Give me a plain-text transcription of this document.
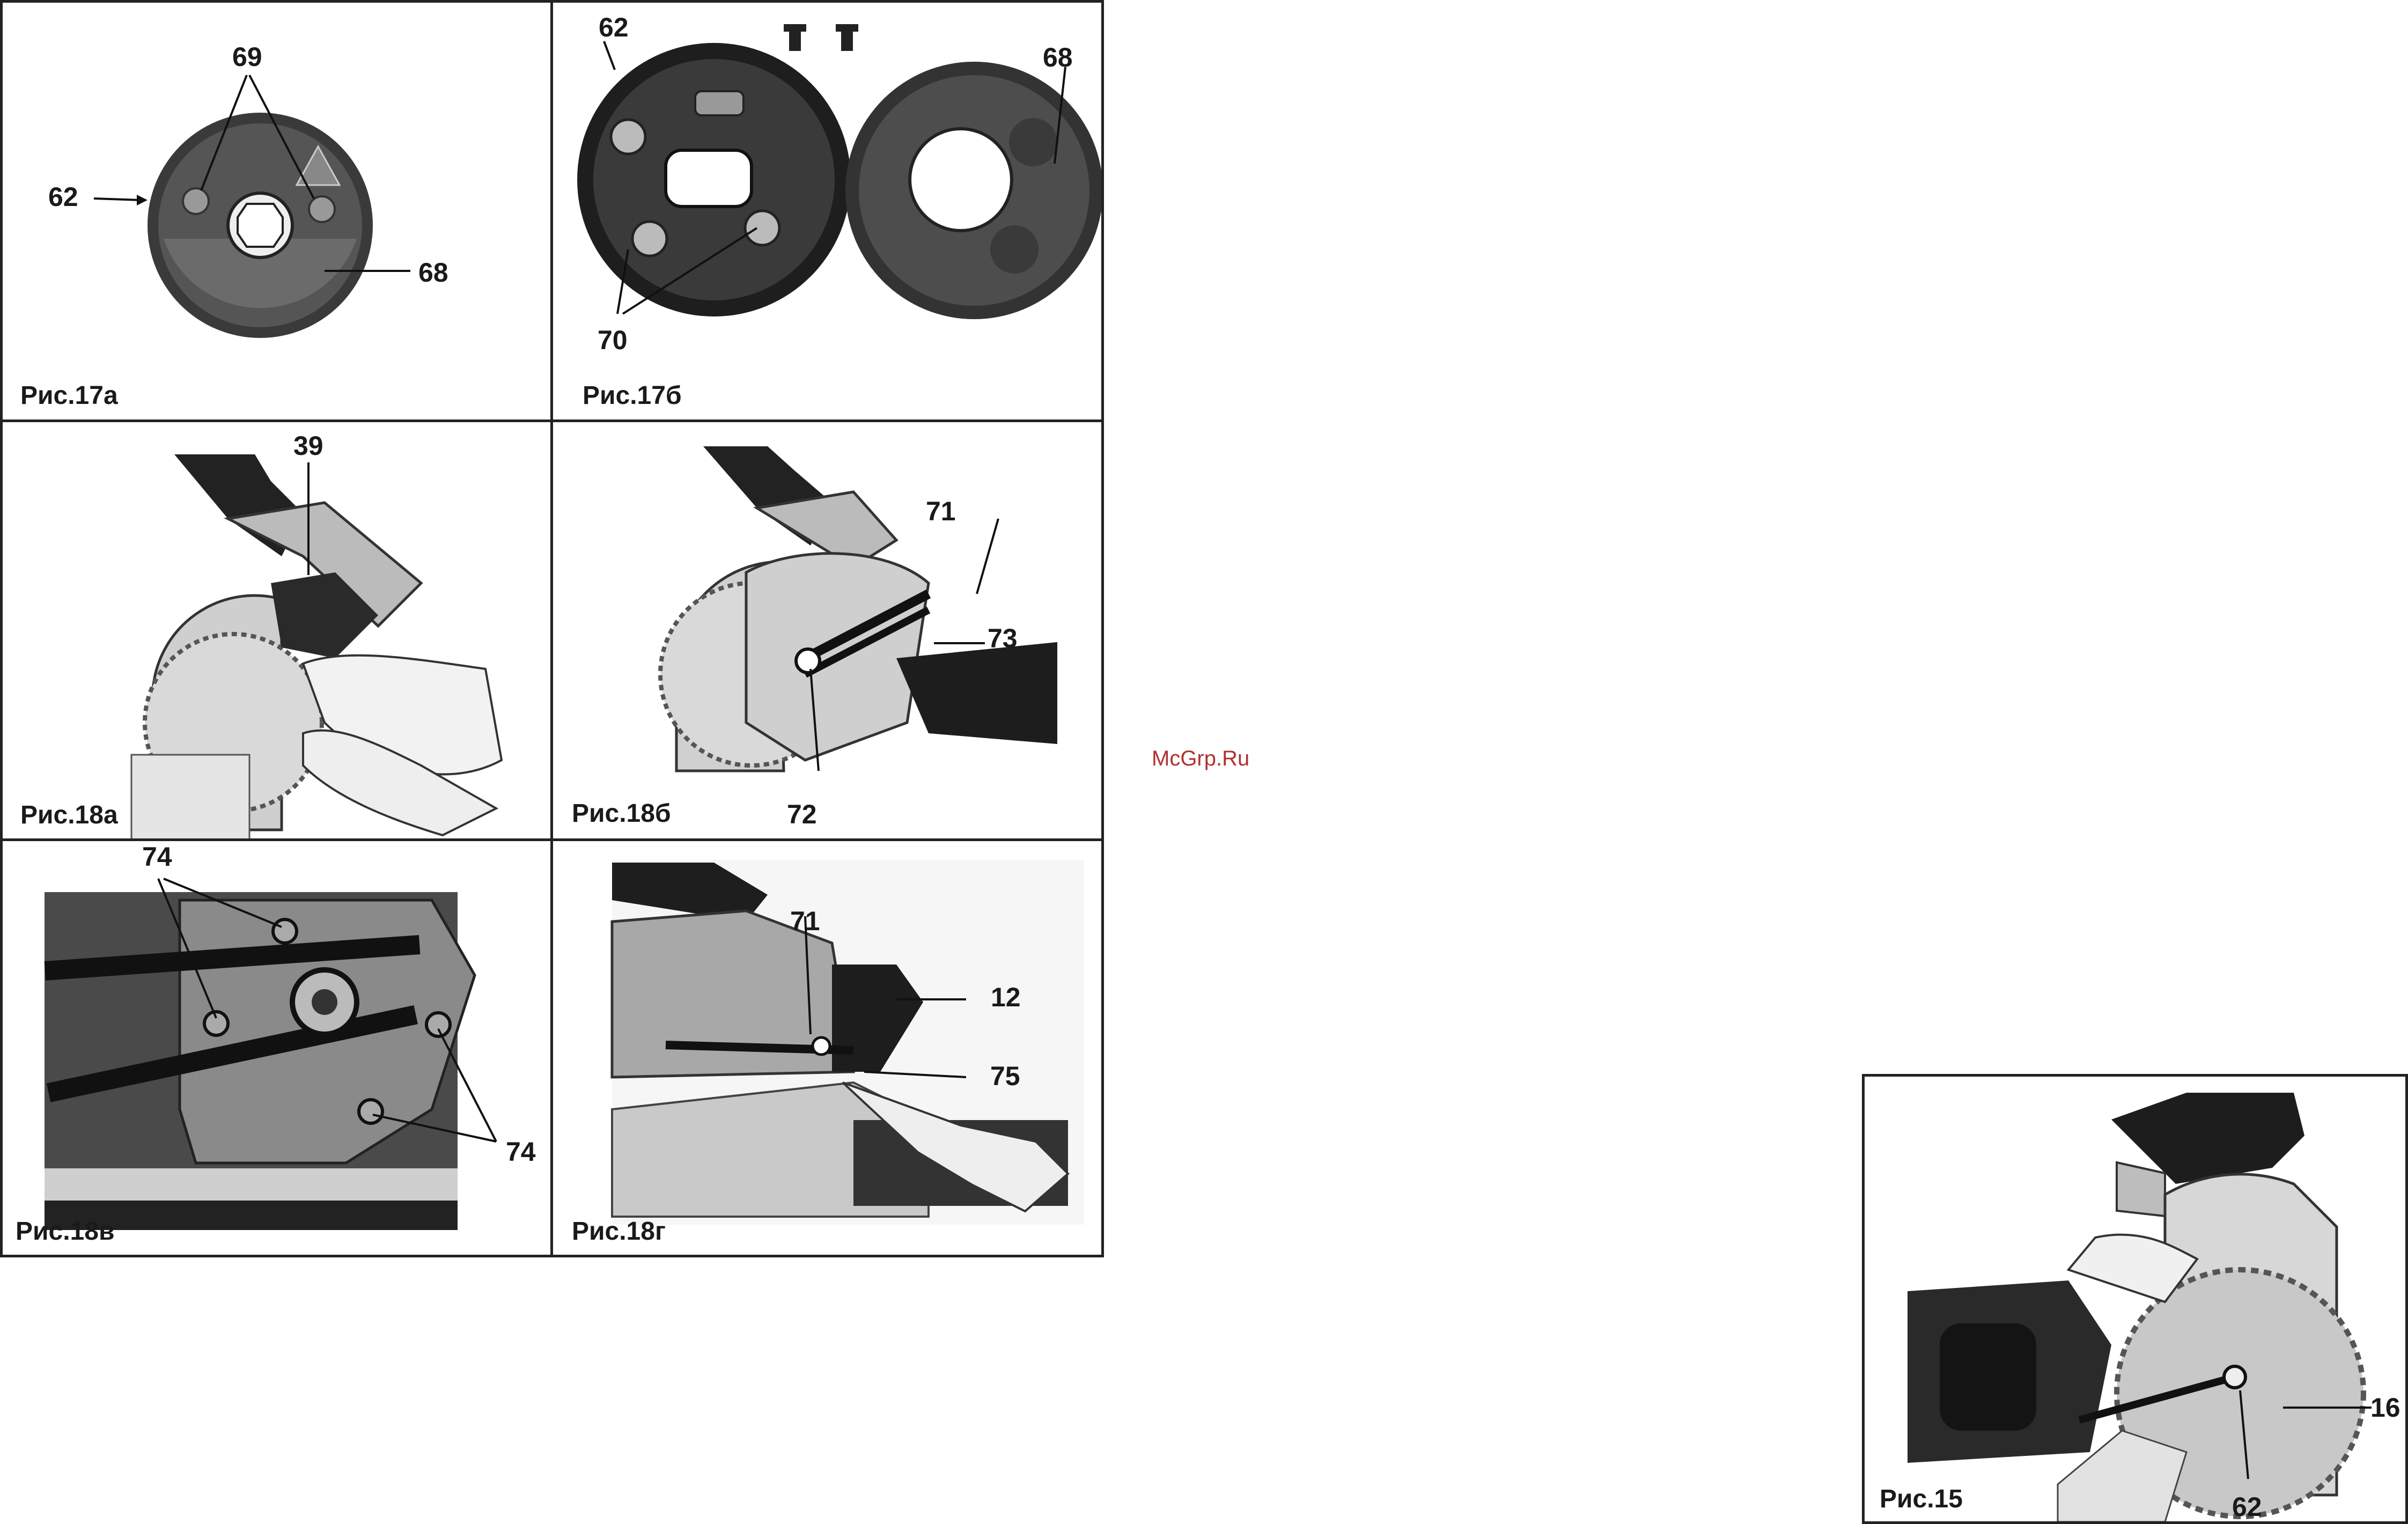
69
62
68
Рис.17а
62
68
70
Рис.17б
39
Рис.18а
71
73
72
Рис.18б
74
74
Рис.18в
71
12
75
Рис.18г
McGrp.Ru
16
62
Рис.15
